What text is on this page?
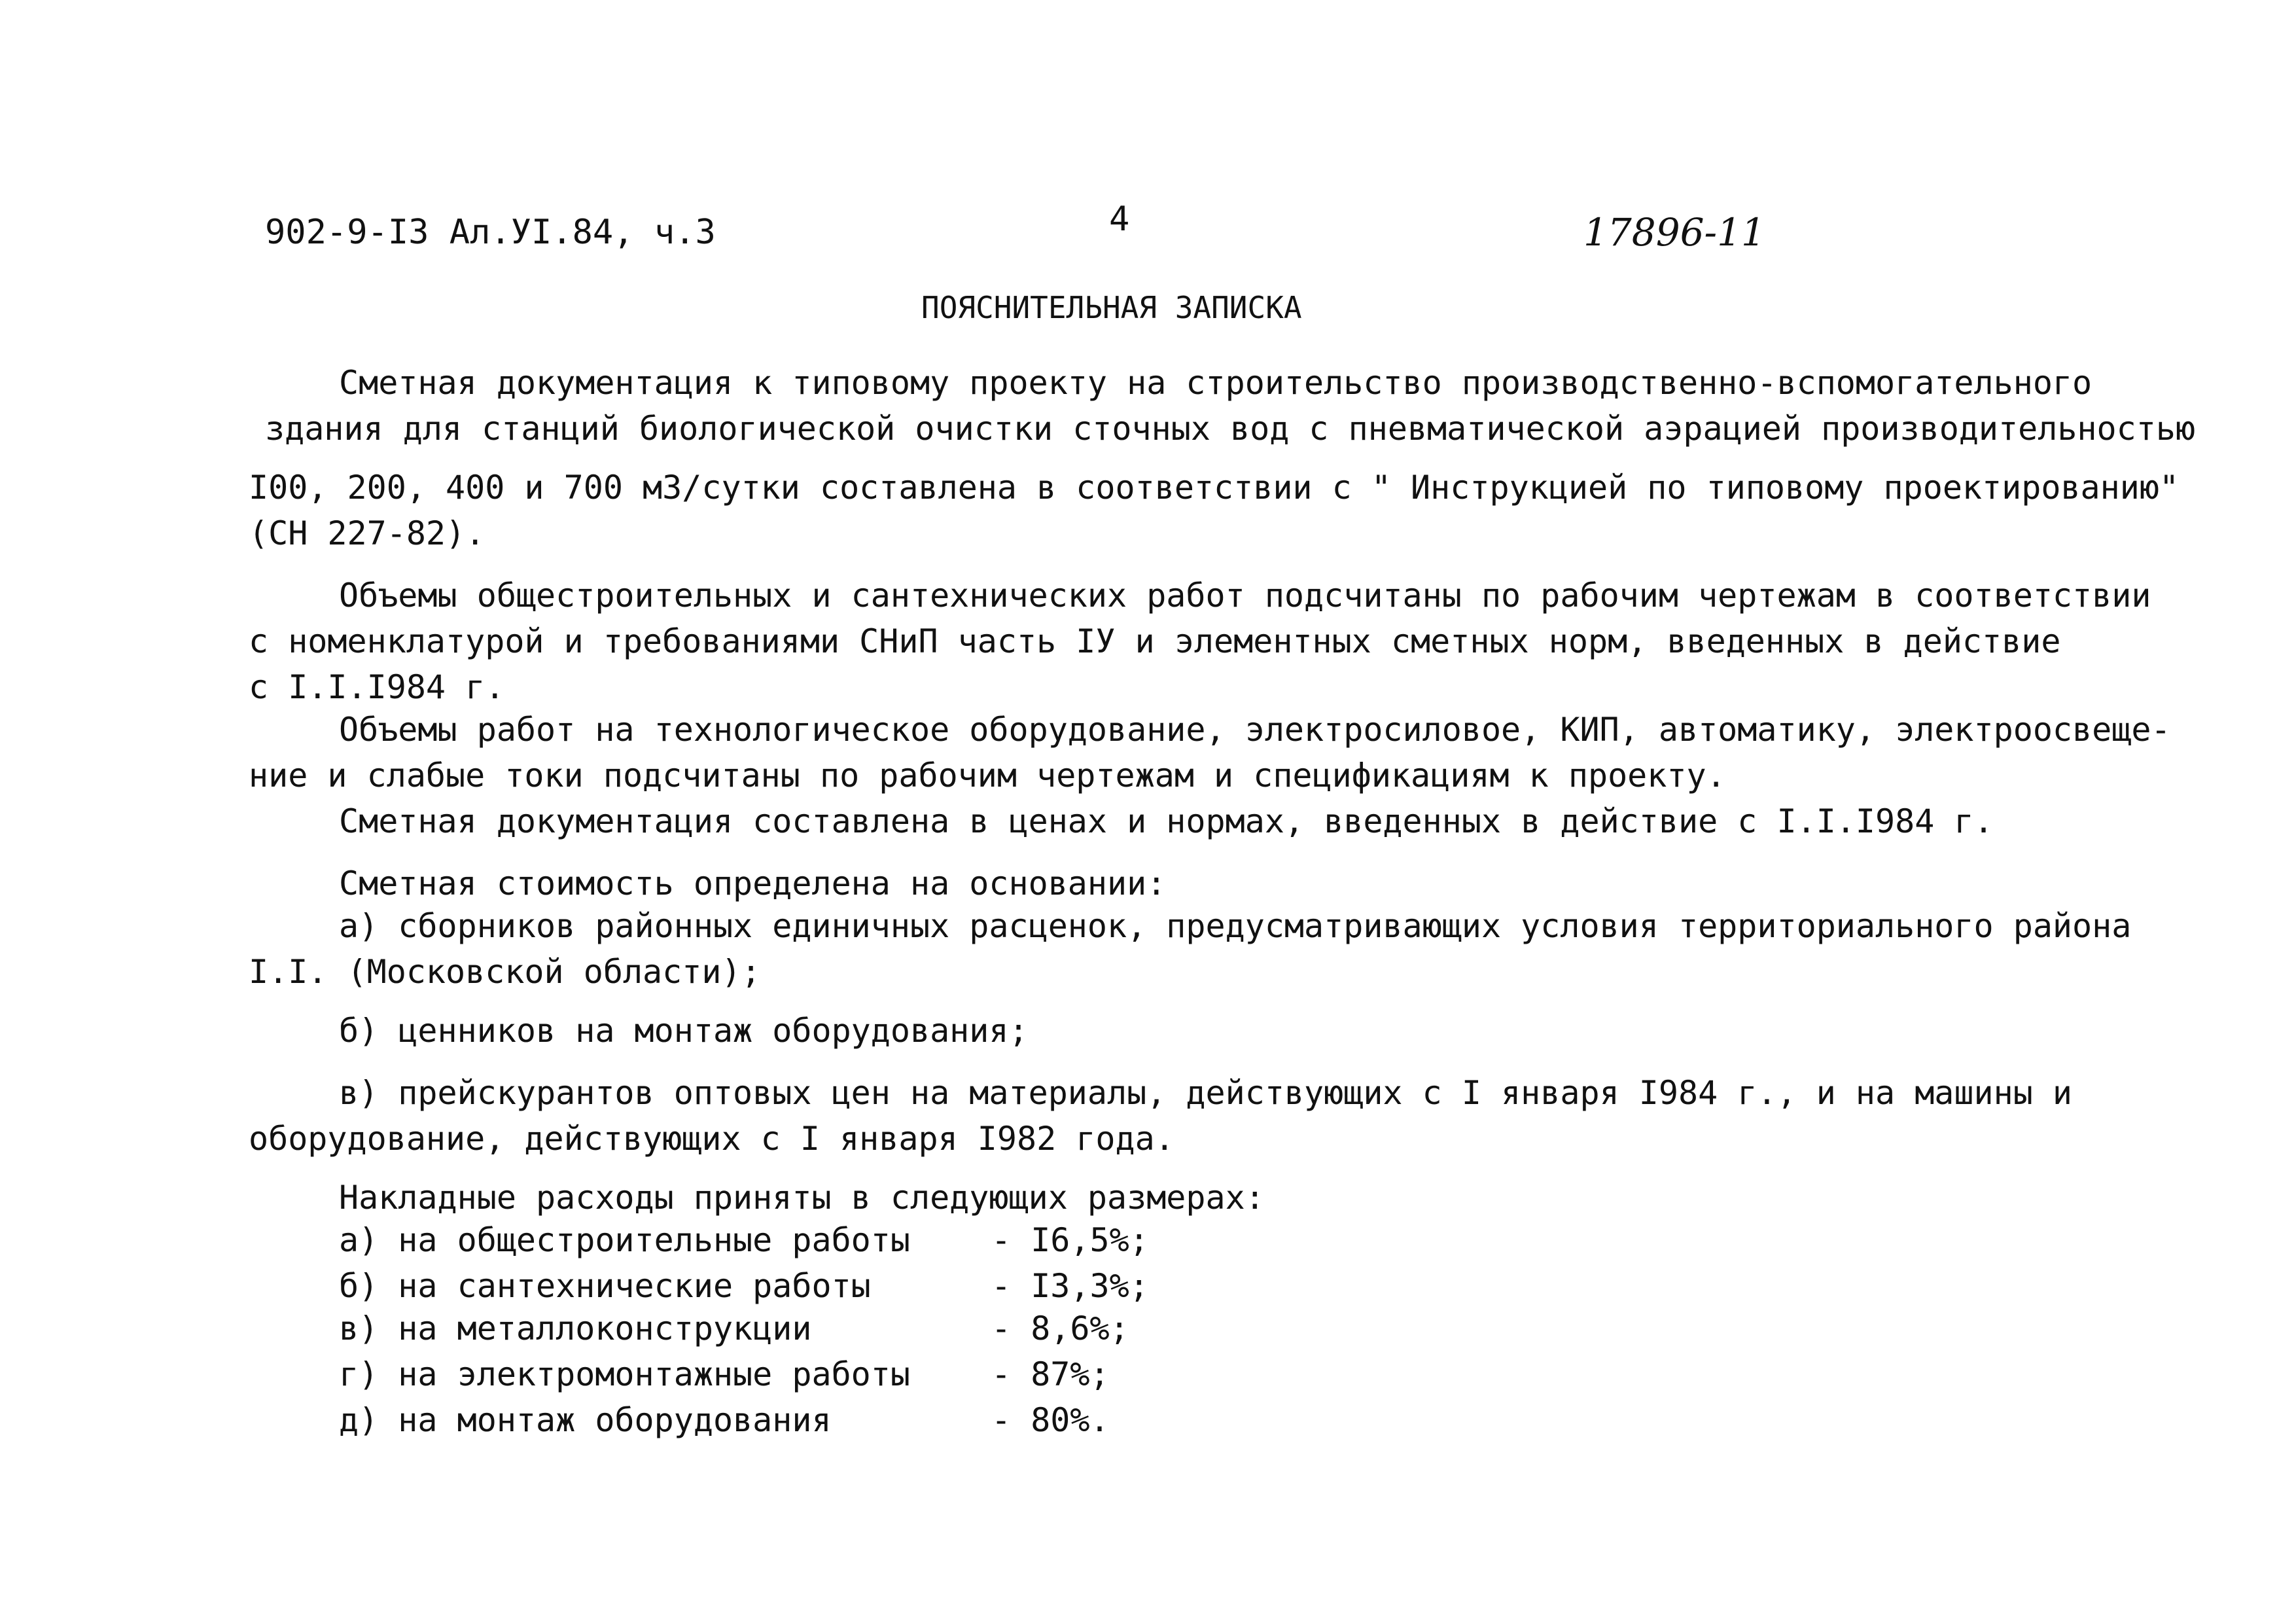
902-9-I3 Ал.УI.84, ч.3	4	17896-11
ПОЯСНИТЕЛЬНАЯ ЗАПИСКА
Сметная документация к типовому проекту на строительство производственно-вспомогательного
здания для станций биологической очистки сточных вод с пневматической аэрацией производительностью
I00, 200, 400 и 700 м3/сутки составлена в соответствии с " Инструкцией по типовому проектированию"
(СН 227-82).
Объемы общестроительных и сантехнических работ подсчитаны по рабочим чертежам в соответствии
с номенклатурой и требованиями СНиП часть IУ и элементных сметных норм, введенных в действие
с I.I.I984 г.
Объемы работ на технологическое оборудование, электросиловое, КИП, автоматику, электроосвеще-
ние и слабые токи подсчитаны по рабочим чертежам и спецификациям к проекту.
Сметная документация составлена в ценах и нормах, введенных в действие с I.I.I984 г.
Сметная стоимость определена на основании:
а) сборников районных единичных расценок, предусматривающих условия территориального района
I.I. (Московской области);
б) ценников на монтаж оборудования;
в) прейскурантов оптовых цен на материалы, действующих с I января I984 г., и на машины и
оборудование, действующих с I января I982 года.
Накладные расходы приняты в следующих размерах:
а) на общестроительные работы - I6,5%;
б) на сантехнические работы	- I3,3%;
в) на металлоконструкции	- 8,6%;
г) на электромонтажные работы - 87%;
д) на монтаж оборудования	- 80%.
